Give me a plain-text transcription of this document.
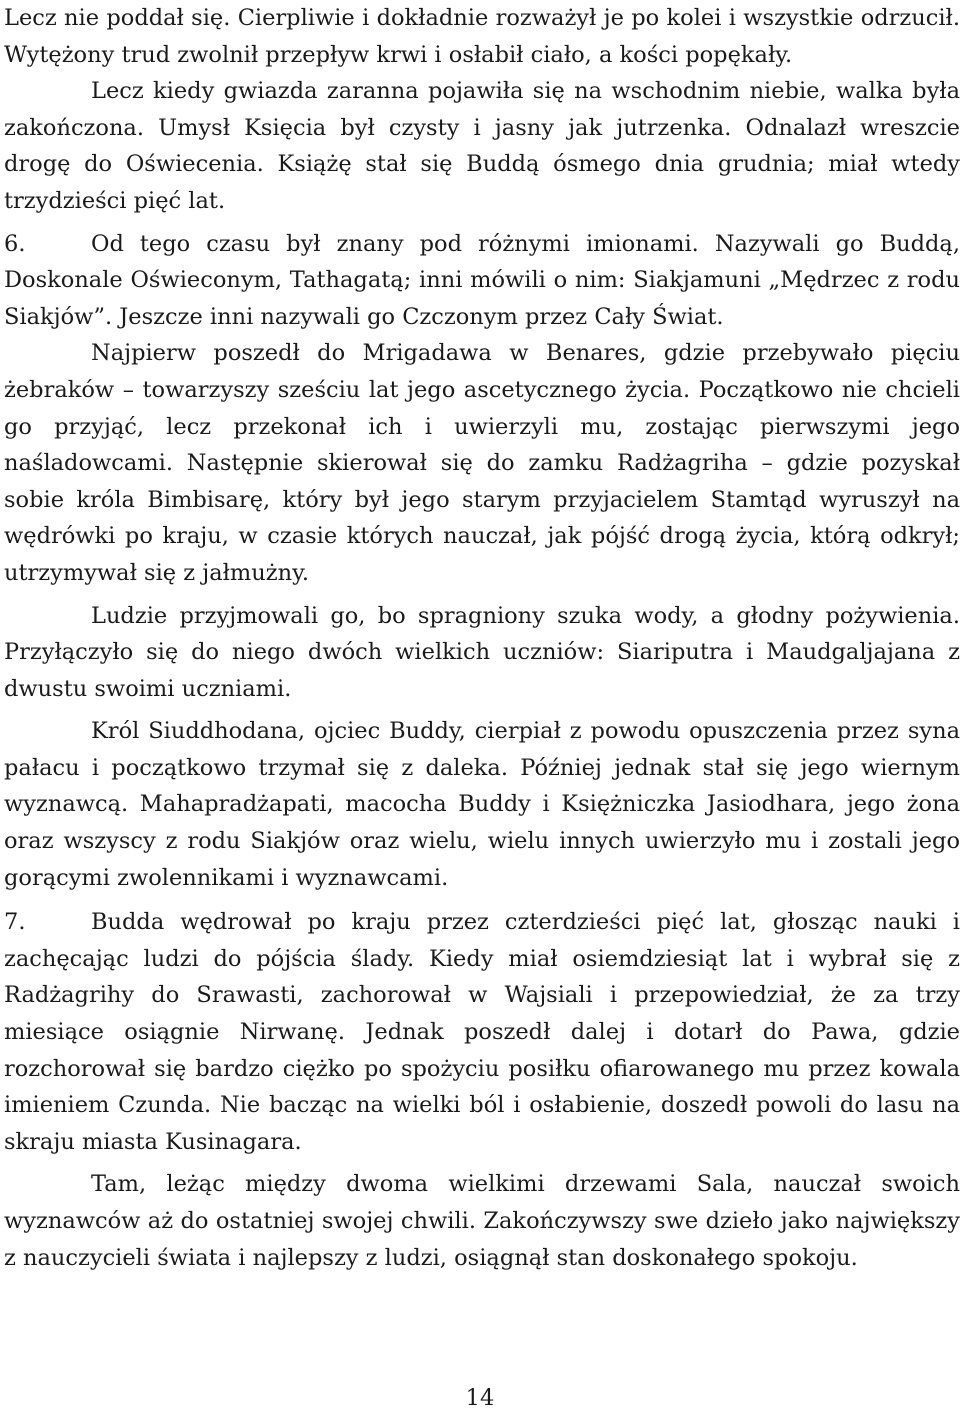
Lecz nie poddał się. Cierpliwie i dokładnie rozważył je po kolei i wszystkie odrzucił. Wytężony trud zwolnił przepływ krwi i osłabił ciało, a kości popękały.

Lecz kiedy gwiazda zaranna pojawiła się na wschodnim niebie, walka była zakończona. Umysł Księcia był czysty i jasny jak jutrzenka. Odnalazł wreszcie drogę do Oświecenia. Książę stał się Buddą ósmego dnia grudnia; miał wtedy trzydzieści pięć lat.

6.	Od tego czasu był znany pod różnymi imionami. Nazywali go Buddą, Doskonale Oświeconym, Tathagatą; inni mówili o nim: Siakjamuni „Mędrzec z rodu Siakjów”. Jeszcze inni nazywali go Czczonym przez Cały Świat.

Najpierw poszedł do Mrigadawa w Benares, gdzie przebywało pięciu żebraków – towarzyszy sześciu lat jego ascetycznego życia. Początkowo nie chcieli go przyjąć, lecz przekonał ich i uwierzyli mu, zostając pierwszymi jego naśladowcami. Następnie skierował się do zamku Radżagriha – gdzie pozyskał sobie króla Bimbisarę, który był jego starym przyjacielem Stamtąd wyruszył na wędrówki po kraju, w czasie których nauczał, jak pójść drogą życia, którą odkrył; utrzymywał się z jałmużny.

Ludzie przyjmowali go, bo spragniony szuka wody, a głodny pożywienia. Przyłączyło się do niego dwóch wielkich uczniów: Siariputra i Maudgaljajana z dwustu swoimi uczniami.

Król Siuddhodana, ojciec Buddy, cierpiał z powodu opuszczenia przez syna pałacu i początkowo trzymał się z daleka. Później jednak stał się jego wiernym wyznawcą. Mahapradżapati, macocha Buddy i Księżniczka Jasiodhara, jego żona oraz wszyscy z rodu Siakjów oraz wielu, wielu innych uwierzyło mu i zostali jego gorącymi zwolennikami i wyznawcami.

7.	Budda wędrował po kraju przez czterdzieści pięć lat, głosząc nauki i zachęcając ludzi do pójścia ślady. Kiedy miał osiemdziesiąt lat i wybrał się z Radżagrihy do Srawasti, zachorował w Wajsiali i przepowiedział, że za trzy miesiące osiągnie Nirwanę. Jednak poszedł dalej i dotarł do Pawa, gdzie rozchorował się bardzo ciężko po spożyciu posiłku ofiarowanego mu przez kowala imieniem Czunda. Nie bacząc na wielki ból i osłabienie, doszedł powoli do lasu na skraju miasta Kusinagara.

Tam, leżąc między dwoma wielkimi drzewami Sala, nauczał swoich wyznawców aż do ostatniej swojej chwili. Zakończywszy swe dzieło jako największy z nauczycieli świata i najlepszy z ludzi, osiągnął stan doskonałego spokoju.

14
